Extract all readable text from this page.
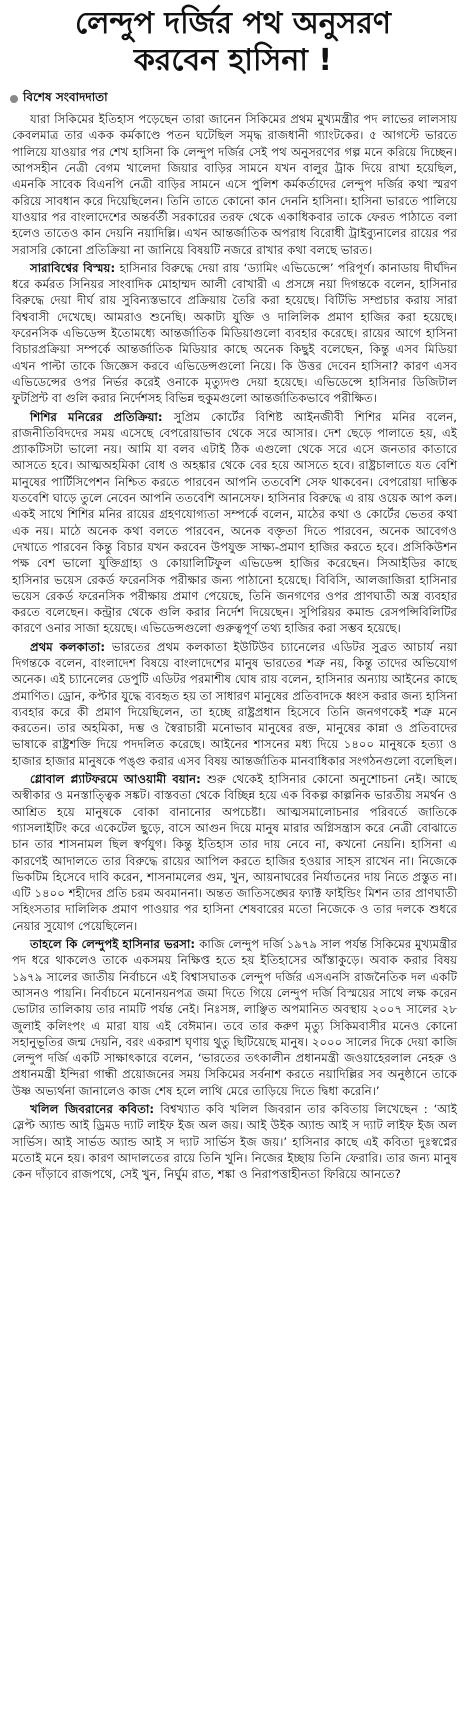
লেন্দুপ দর্জির পথ অনুসরণ
করবেন হাসিনা !
বিশেষ সংবাদদাতা

যারা সিকিমের ইতিহাস পড়েছেন তারা জানেন সিকিমের প্রথম মুখ্যমন্ত্রীর পদ লাভের লালসায় কেবলমাত্র তার একক কর্মকাণ্ডে পতন ঘটেছিল সমৃদ্ধ রাজধানী গ্যাংটকের। ৫ আগস্টে ভারতে পালিয়ে যাওয়ার পর শেখ হাসিনা কি লেন্দুপ দর্জির সেই পথ অনুসরণের গল্প মনে করিয়ে দিচ্ছেন। আপসহীন নেত্রী বেগম খালেদা জিয়ার বাড়ির সামনে যখন বালুর ট্রাক দিয়ে রাখা হয়েছিল, এমনকি সাবেক বিএনপি নেত্রী বাড়ির সামনে এসে পুলিশ কর্মকর্তাদের লেন্দুপ দর্জির কথা স্মরণ করিয়ে সাবধান করে দিয়েছিলেন। তিনি তাতে কোনো কান দেননি হাসিনা। হাসিনা ভারতে পালিয়ে যাওয়ার পর বাংলাদেশের অন্তর্বর্তী সরকারের তরফ থেকে একাধিকবার তাকে ফেরত পাঠাতে বলা হলেও তাতেও কান দেয়নি নয়াদিল্লি। এখন আন্তর্জাতিক অপরাধ বিরোধী ট্রাইব্যুনালের রায়ের পর সরাসরি কোনো প্রতিক্রিয়া না জানিয়ে বিষয়টি নজরে রাখার কথা বলছে ভারত।

সারাবিশ্বের বিস্ময়: হাসিনার বিরুদ্ধে দেয়া রায় ‘ড্যামিং এভিডেন্সে’ পরিপূর্ণ। কানাডায় দীর্ঘদিন ধরে কর্মরত সিনিয়র সাংবাদিক মোহাম্মদ আলী বোখারী এ প্রসঙ্গে নয়া দিগন্তকে বলেন, হাসিনার বিরুদ্ধে দেয়া দীর্ঘ রায় সুবিন্যস্তভাবে প্রক্রিয়ায় তৈরি করা হয়েছে। বিটিভি সম্প্রচার করায় সারা বিশ্ববাসী দেখেছে। আমরাও শুনেছি। অকাট্য যুক্তি ও দালিলিক প্রমাণ হাজির করা হয়েছে। ফরেনসিক এভিডেন্স ইতোমধ্যে আন্তর্জাতিক মিডিয়াগুলো ব্যবহার করেছে। রায়ের আগে হাসিনা বিচারপ্রক্রিয়া সম্পর্কে আন্তর্জাতিক মিডিয়ার কাছে অনেক কিছুই বলেছেন, কিন্তু এসব মিডিয়া এখন পাল্টা তাকে জিজ্ঞেস করবে এভিডেন্সগুলো নিয়ে। কি উত্তর দেবেন হাসিনা? কারণ এসব এভিডেন্সের ওপর নির্ভর করেই ওনাকে মৃত্যুদণ্ড দেয়া হয়েছে। এভিডেন্সে হাসিনার ডিজিটাল ফুটপ্রিন্ট বা গুলি করার নির্দেশসহ বিভিন্ন হুকুমগুলো আন্তর্জাতিকভাবে পরীক্ষিত।

শিশির মনিরের প্রতিক্রিয়া: সুপ্রিম কোর্টের বিশিষ্ট আইনজীবী শিশির মনির বলেন, রাজনীতিবিদদের সময় এসেছে বেপরোয়াভাব থেকে সরে আসার। দেশ ছেড়ে পালাতে হয়, এই প্র্যাকটিসটা ভালো নয়। আমি যা বলব এটাই ঠিক এগুলো থেকে সরে এসে জনতার কাতারে আসতে হবে। আত্মঅহমিকা বোধ ও অহঙ্কার থেকে বের হয়ে আসতে হবে। রাষ্ট্রচালাতে যত বেশি মানুষের পার্টিসিপেশন নিশ্চিত করতে পারবেন আপনি ততবেশি সেফ থাকবেন। বেপরোয়া দাম্ভিক যতবেশি ঘাড়ে তুলে নেবেন আপনি ততবেশি আনসেফ। হাসিনার বিরুদ্ধে এ রায় ওয়েক আপ কল। একই সাথে শিশির মনির রায়ের গ্রহণযোগ্যতা সম্পর্কে বলেন, মাঠের কথা ও কোর্টের ভেতর কথা এক নয়। মাঠে অনেক কথা বলতে পারবেন, অনেক বক্তৃতা দিতে পারবেন, অনেক আবেগও দেখাতে পারবেন কিন্তু বিচার যখন করবেন উপযুক্ত সাক্ষ্য-প্রমাণ হাজির করতে হবে। প্রসিকিউশন পক্ষ বেশ ভালো যুক্তিগ্রাহ্য ও কোয়ালিটিফুল এভিডেন্স হাজির করেছেন। সিআইডির কাছে হাসিনার ভয়েস রেকর্ড ফরেনসিক পরীক্ষার জন্য পাঠানো হয়েছে। বিবিসি, আলজাজিরা হাসিনার ভয়েস রেকর্ড ফরেনসিক পরীক্ষায় প্রমাণ পেয়েছে, তিনি জনগণের ওপর প্রাণঘাতী অস্ত্র ব্যবহার করতে বলেছেন। কন্ট্রার থেকে গুলি করার নির্দেশ দিয়েছেন। সুপিরিয়র কমান্ড রেসপন্সিবিলিটির কারণে ওনার সাজা হয়েছে। এভিডেন্সগুলো গুরুত্বপূর্ণ তথ্য হাজির করা সম্ভব হয়েছে।

প্রথম কলকাতা: ভারতের প্রথম কলকাতা ইউটিউব চ্যানেলের এডিটর সুব্রত আচার্য নয়া দিগন্তকে বলেন, বাংলাদেশ বিষয়ে বাংলাদেশের মানুষ ভারতের শত্রু নয়, কিন্তু তাদের অভিযোগ অনেক। এই চ্যানেলের ডেপুটি এডিটর পরমাশীষ ঘোষ রায় বলেন, হাসিনার অন্যায় আইনের কাছে প্রমাণিত। ড্রোন, কপ্টার যুদ্ধে ব্যবহৃত হয় তা সাধারণ মানুষের প্রতিবাদকে ধ্বংস করার জন্য হাসিনা ব্যবহার করে কী প্রমাণ দিয়েছিলেন, তা হচ্ছে রাষ্ট্রপ্রধান হিসেবে তিনি জনগণকেই শত্রু মনে করতেন। তার অহমিকা, দম্ভ ও স্বৈরাচারী মনোভাব মানুষের রক্ত, মানুষের কান্না ও প্রতিবাদের ভাষাকে রাষ্ট্রশক্তি দিয়ে পদদলিত করেছে। আইনের শাসনের মধ্য দিয়ে ১৪০০ মানুষকে হত্যা ও হাজার হাজার মানুষকে পঙ্গু করার এসব বিষয় আন্তর্জাতিক মানবাধিকার সংগঠনগুলো বলেছিল।

গ্লোবাল প্ল্যাটফরমে আওয়ামী বয়ান: শুরু থেকেই হাসিনার কোনো অনুশোচনা নেই। আছে অস্বীকার ও মনস্তাত্ত্বিক সঙ্কট। বাস্তবতা থেকে বিচ্ছিন্ন হয়ে এক বিকল্প কাল্পনিক ভারতীয় সমর্থন ও আশ্রিত হয়ে মানুষকে বোকা বানানোর অপচেষ্টা। আত্মসমালোচনার পরিবর্তে জাতিকে গ্যাসলাইটিং করে একেটেল ছুড়ে, বাসে আগুন দিয়ে মানুষ মারার অগ্নিসন্ত্রাস করে নেত্রী বোঝাতে চান তার শাসনামল ছিল স্বর্ণযুগ। কিন্তু ইতিহাস তার দায় নেবে না, কখনো নেয়নি। হাসিনা এ কারণেই আদালতে তার বিরুদ্ধে রায়ের আপিল করতে হাজির হওয়ার সাহস রাখেন না। নিজেকে ভিকটিম হিসেবে দাবি করেন, শাসনামলের গুম, খুন, আয়নাঘরের নির্যাতনের দায় নিতে প্রস্তুত না। এটি ১৪০০ শহীদের প্রতি চরম অবমাননা। অন্তত জাতিসঙ্ঘের ফ্যাক্ট ফাইন্ডিং মিশন তার প্রাণঘাতী সহিংসতার দালিলিক প্রমাণ পাওয়ার পর হাসিনা শেষবারের মতো নিজেকে ও তার দলকে শুধরে নেয়ার সুযোগ পেয়েছিলেন।

তাহলে কি লেন্দুপই হাসিনার ভরসা: কাজি লেন্দুপ দর্জি ১৯৭৯ সাল পর্যন্ত সিকিমের মুখ্যমন্ত্রীর পদ ধরে থাকলেও তাকে একসময় নিক্ষিপ্ত হতে হয় ইতিহাসের আঁস্তাকুড়ে। অবাক করার বিষয় ১৯৭৯ সালের জাতীয় নির্বাচনে এই বিশ্বাসঘাতক লেন্দুপ দর্জির এসএনসি রাজনৈতিক দল একটি আসনও পায়নি। নির্বাচনে মনোনয়নপত্র জমা দিতে গিয়ে লেন্দুপ দর্জি বিস্ময়ের সাথে লক্ষ করেন ভোটার তালিকায় তার নামটি পর্যন্ত নেই। নিঃসঙ্গ, লাঞ্ছিত অপমানিত অবস্থায় ২০০৭ সালের ২৮ জুলাই কলিংপং এ মারা যায় এই বেঈমান। তবে তার করুণ মৃত্যু সিকিমবাসীর মনেও কোনো সহানুভূতির জন্ম দেয়নি, বরং একরাশ ঘৃণায় থুতু ছিটিয়েছে মানুষ। ২০০০ সালের দিকে দেয়া কাজি লেন্দুপ দর্জি একটি সাক্ষাৎকারে বলেন, ‘ভারতের তৎকালীন প্রধানমন্ত্রী জওয়াহেরলাল নেহরু ও প্রধানমন্ত্রী ইন্দিরা গান্ধী প্রয়োজনের সময় সিকিমের সর্বনাশ করতে নয়াদিল্লির সব অনুষ্ঠানে তাকে উষ্ণ অভ্যর্থনা জানালেও কাজ শেষ হলে লাথি মেরে তাড়িয়ে দিতে দ্বিধা করেনি।’

খলিল জিবরানের কবিতা: বিশ্বখ্যাত কবি খলিল জিবরান তার কবিতায় লিখেছেন : ‘আই স্লেপ্ট অ্যান্ড আই ড্রিমড দ্যাট লাইফ ইজ অল জয়। আই উইক অ্যান্ড আই স দ্যাট লাইফ ইজ অল সার্ভিস। আই সার্ভড অ্যান্ড আই স দ্যাট সার্ভিস ইজ জয়।’ হাসিনার কাছে এই কবিতা দুঃস্বপ্নের মতোই মনে হয়। কারণ আদালতের রায়ে তিনি খুনি। নিজের ইচ্ছায় তিনি ফেরারি। তার জন্য মানুষ কেন দাঁড়াবে রাজপথে, সেই খুন, নির্ঘুম রাত, শঙ্কা ও নিরাপত্তাহীনতা ফিরিয়ে আনতে?
